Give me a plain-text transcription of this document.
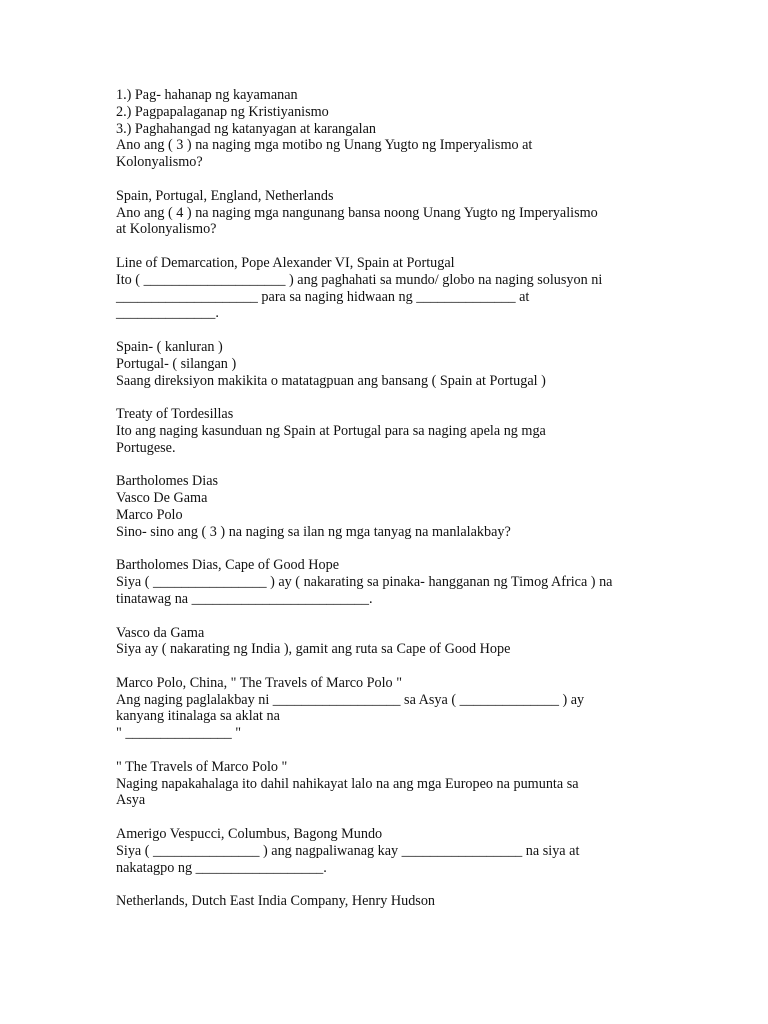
1.) Pag- hahanap ng kayamanan
2.) Pagpapalaganap ng Kristiyanismo
3.) Paghahangad ng katanyagan at karangalan
Ano ang ( 3 ) na naging mga motibo ng Unang Yugto ng Imperyalismo at
Kolonyalismo?
Spain, Portugal, England, Netherlands
Ano ang ( 4 ) na naging mga nangunang bansa noong Unang Yugto ng Imperyalismo
at Kolonyalismo?
Line of Demarcation, Pope Alexander VI, Spain at Portugal
Ito ( ____________________ ) ang paghahati sa mundo/ globo na naging solusyon ni
____________________ para sa naging hidwaan ng ______________ at
______________.
Spain- ( kanluran )
Portugal- ( silangan )
Saang direksiyon makikita o matatagpuan ang bansang ( Spain at Portugal )
Treaty of Tordesillas
Ito ang naging kasunduan ng Spain at Portugal para sa naging apela ng mga
Portugese.
Bartholomes Dias
Vasco De Gama
Marco Polo
Sino- sino ang ( 3 ) na naging sa ilan ng mga tanyag na manlalakbay?
Bartholomes Dias, Cape of Good Hope
Siya ( ________________ ) ay ( nakarating sa pinaka- hangganan ng Timog Africa ) na
tinatawag na _________________________.
Vasco da Gama
Siya ay ( nakarating ng India ), gamit ang ruta sa Cape of Good Hope
Marco Polo, China, " The Travels of Marco Polo "
Ang naging paglalakbay ni __________________ sa Asya ( ______________ ) ay
kanyang itinalaga sa aklat na
" _______________ "
" The Travels of Marco Polo "
Naging napakahalaga ito dahil nahikayat lalo na ang mga Europeo na pumunta sa
Asya
Amerigo Vespucci, Columbus, Bagong Mundo
Siya ( _______________ ) ang nagpaliwanag kay _________________ na siya at
nakatagpo ng __________________.
Netherlands, Dutch East India Company, Henry Hudson
